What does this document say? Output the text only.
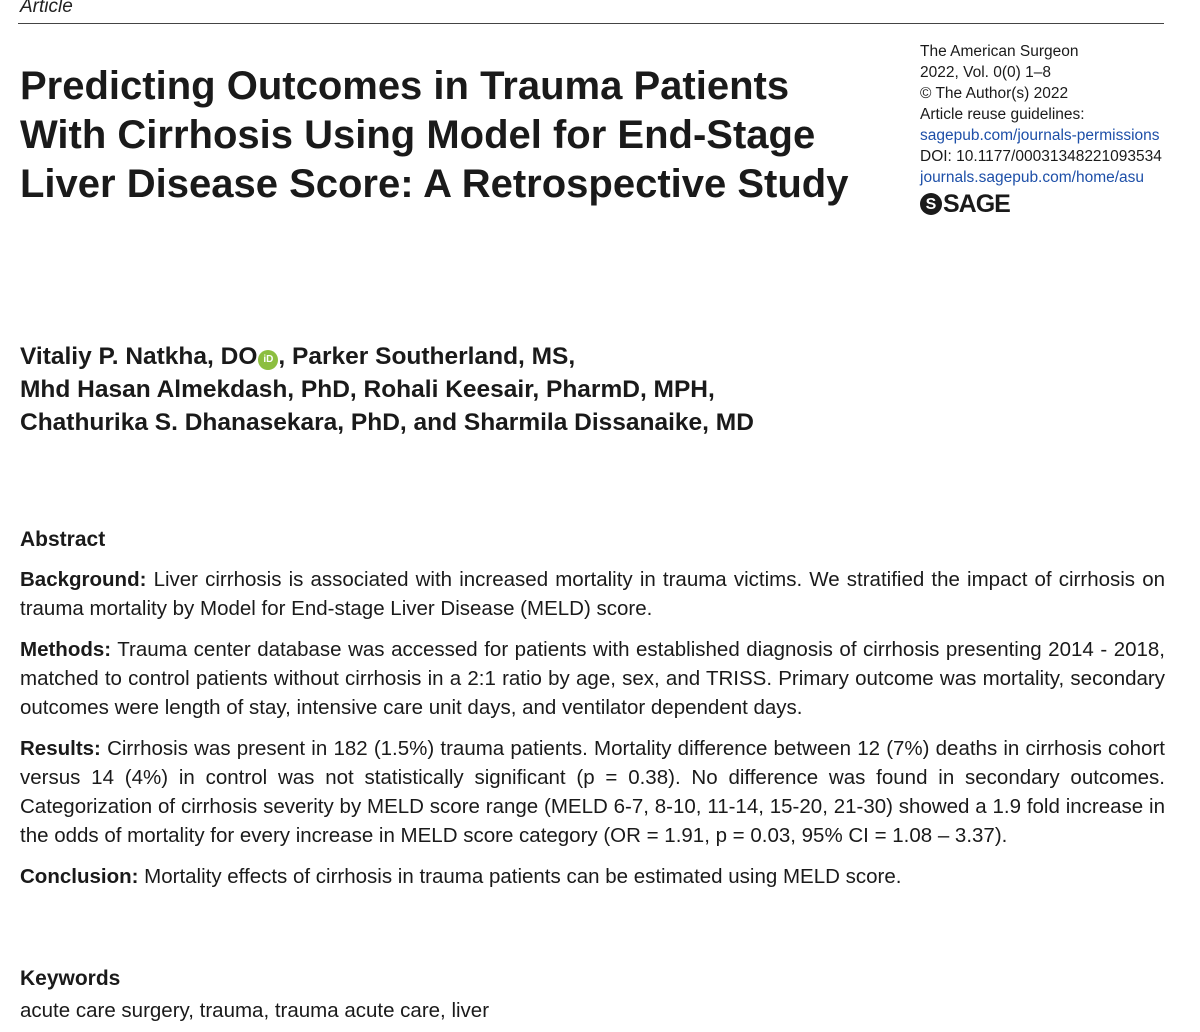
Article
Predicting Outcomes in Trauma Patients With Cirrhosis Using Model for End-Stage Liver Disease Score: A Retrospective Study
The American Surgeon
2022, Vol. 0(0) 1–8
© The Author(s) 2022
Article reuse guidelines:
sagepub.com/journals-permissions
DOI: 10.1177/00031348221093534
journals.sagepub.com/home/asu
S SAGE
Vitaliy P. Natkha, DO iD , Parker Southerland, MS,
Mhd Hasan Almekdash, PhD, Rohali Keesair, PharmD, MPH,
Chathurika S. Dhanasekara, PhD, and Sharmila Dissanaike, MD
Abstract

Background: Liver cirrhosis is associated with increased mortality in trauma victims. We stratified the impact of cirrhosis on trauma mortality by Model for End-stage Liver Disease (MELD) score.

Methods: Trauma center database was accessed for patients with established diagnosis of cirrhosis presenting 2014 - 2018, matched to control patients without cirrhosis in a 2:1 ratio by age, sex, and TRISS. Primary outcome was mortality, secondary outcomes were length of stay, intensive care unit days, and ventilator dependent days.

Results: Cirrhosis was present in 182 (1.5%) trauma patients. Mortality difference between 12 (7%) deaths in cirrhosis cohort versus 14 (4%) in control was not statistically significant (p = 0.38). No difference was found in secondary outcomes. Categorization of cirrhosis severity by MELD score range (MELD 6-7, 8-10, 11-14, 15-20, 21-30) showed a 1.9 fold increase in the odds of mortality for every increase in MELD score category (OR = 1.91, p = 0.03, 95% CI = 1.08 – 3.37).

Conclusion: Mortality effects of cirrhosis in trauma patients can be estimated using MELD score.

Keywords
acute care surgery, trauma, trauma acute care, liver
